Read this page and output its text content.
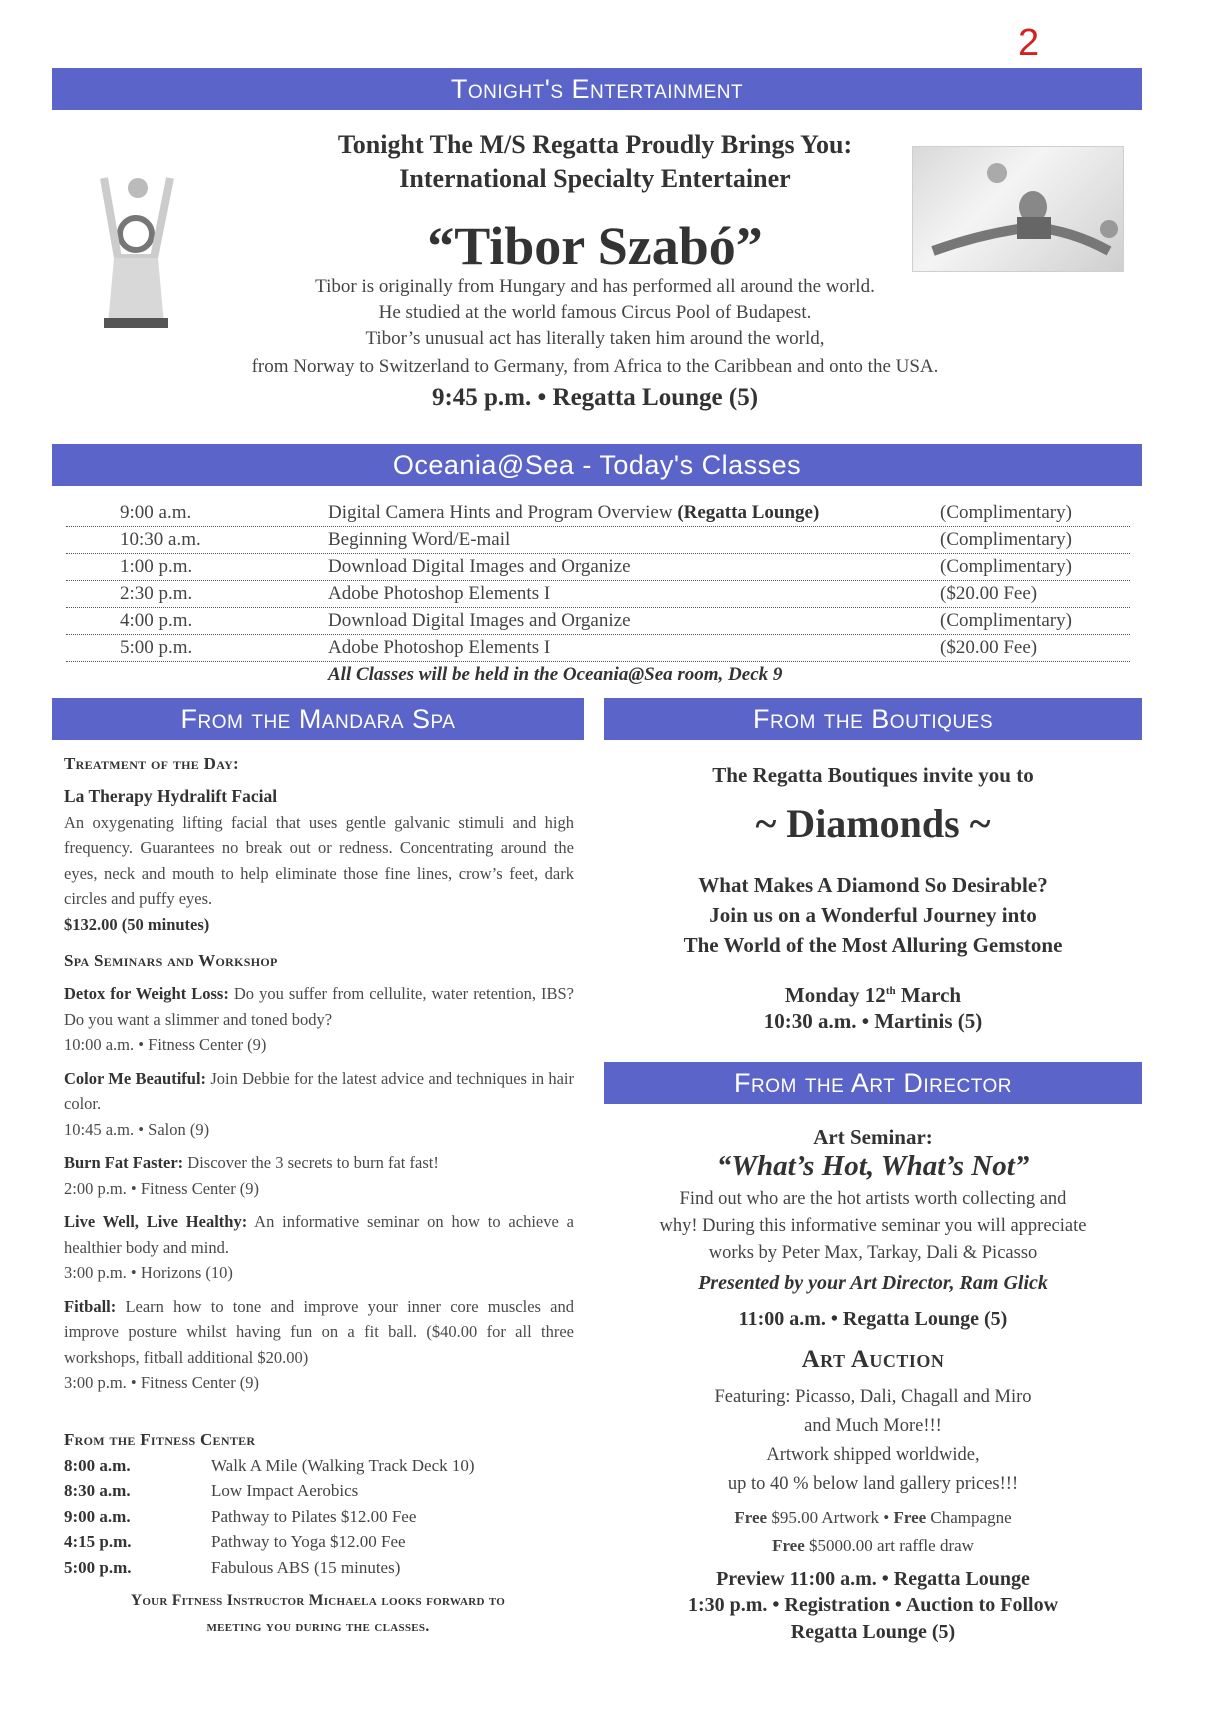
2
Tonight's Entertainment
Tonight The M/S Regatta Proudly Brings You:
International Specialty Entertainer
“Tibor Szabó”
Tibor is originally from Hungary and has performed all around the world.
He studied at the world famous Circus Pool of Budapest.
Tibor’s unusual act has literally taken him around the world,
from Norway to Switzerland to Germany, from Africa to the Caribbean and onto the USA.
9:45 p.m. • Regatta Lounge (5)
Oceania@Sea - Today's Classes
9:00 a.m.	Digital Camera Hints and Program Overview (Regatta Lounge)	(Complimentary)
10:30 a.m.	Beginning Word/E-mail	(Complimentary)
1:00 p.m.	Download Digital Images and Organize	(Complimentary)
2:30 p.m.	Adobe Photoshop Elements I	($20.00 Fee)
4:00 p.m.	Download Digital Images and Organize	(Complimentary)
5:00 p.m.	Adobe Photoshop Elements I	($20.00 Fee)
All Classes will be held in the Oceania@Sea room, Deck 9
From the Mandara Spa
Treatment of the Day:
La Therapy Hydralift Facial
An oxygenating lifting facial that uses gentle galvanic stimuli and high frequency. Guarantees no break out or redness. Concentrating around the eyes, neck and mouth to help eliminate those fine lines, crow’s feet, dark circles and puffy eyes.
$132.00 (50 minutes)
Spa Seminars and Workshop
Detox for Weight Loss: Do you suffer from cellulite, water retention, IBS? Do you want a slimmer and toned body?
10:00 a.m. • Fitness Center (9)
Color Me Beautiful: Join Debbie for the latest advice and techniques in hair color.
10:45 a.m. • Salon (9)
Burn Fat Faster: Discover the 3 secrets to burn fat fast!
2:00 p.m. • Fitness Center (9)
Live Well, Live Healthy: An informative seminar on how to achieve a healthier body and mind.
3:00 p.m. • Horizons (10)
Fitball: Learn how to tone and improve your inner core muscles and improve posture whilst having fun on a fit ball. ($40.00 for all three workshops, fitball additional $20.00)
3:00 p.m. • Fitness Center (9)
From the Fitness Center
8:00 a.m.	Walk A Mile (Walking Track Deck 10)
8:30 a.m.	Low Impact Aerobics
9:00 a.m.	Pathway to Pilates $12.00 Fee
4:15 p.m.	Pathway to Yoga $12.00 Fee
5:00 p.m.	Fabulous ABS (15 minutes)
Your Fitness Instructor Michaela looks forward to
meeting you during the classes.
From the Boutiques
The Regatta Boutiques invite you to
~ Diamonds ~
What Makes A Diamond So Desirable?
Join us on a Wonderful Journey into
The World of the Most Alluring Gemstone
Monday 12th March
10:30 a.m. • Martinis (5)
From the Art Director
Art Seminar:
“What’s Hot, What’s Not”
Find out who are the hot artists worth collecting and
why! During this informative seminar you will appreciate
works by Peter Max, Tarkay, Dali & Picasso
Presented by your Art Director, Ram Glick
11:00 a.m. • Regatta Lounge (5)
Art Auction
Featuring: Picasso, Dali, Chagall and Miro
and Much More!!!
Artwork shipped worldwide,
up to 40 % below land gallery prices!!!
Free $95.00 Artwork • Free Champagne
Free $5000.00 art raffle draw
Preview 11:00 a.m. • Regatta Lounge
1:30 p.m. • Registration • Auction to Follow
Regatta Lounge (5)
